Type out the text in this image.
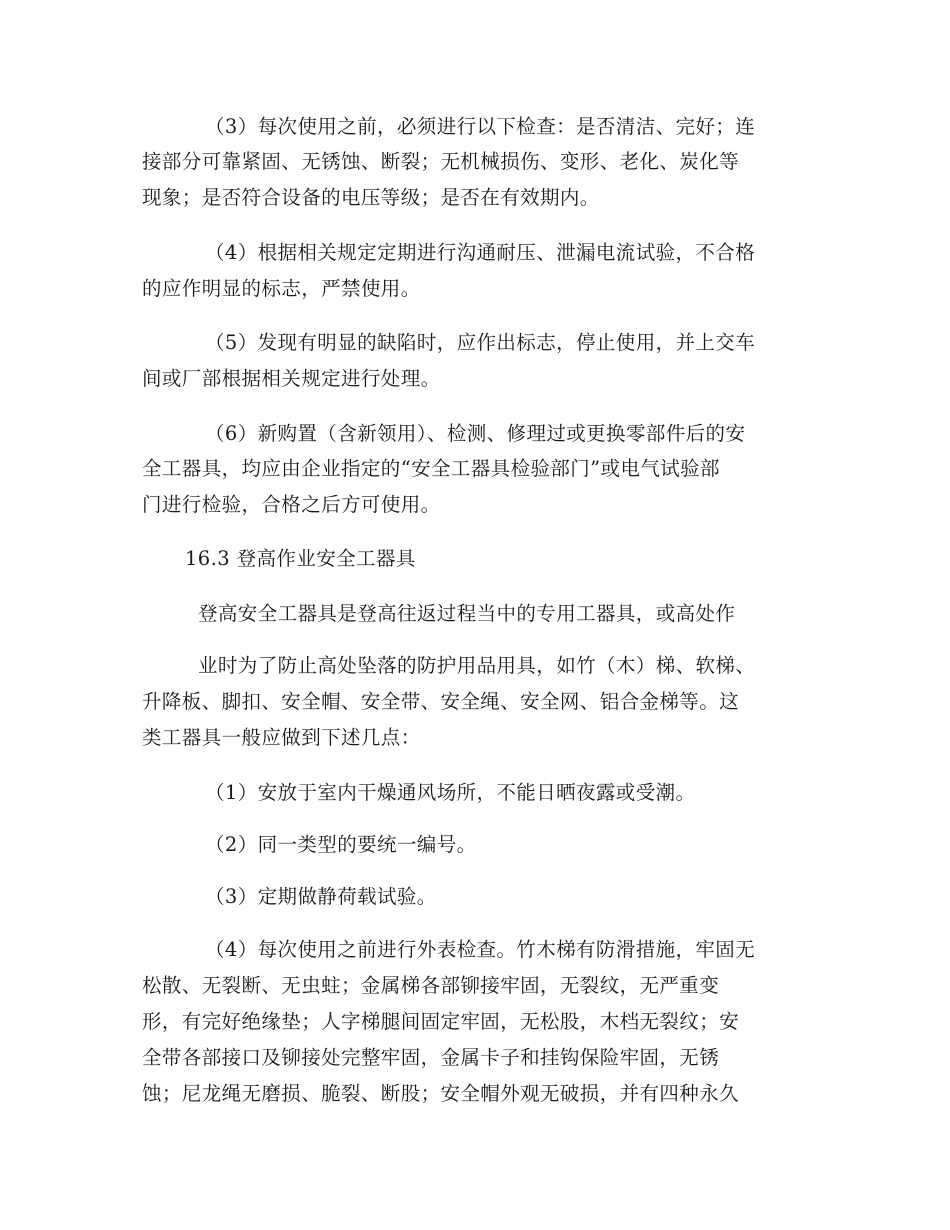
（3）每次使用之前，必须进行以下检查：是否清洁、完好；连
接部分可靠紧固、无锈蚀、断裂；无机械损伤、变形、老化、炭化等
现象；是否符合设备的电压等级；是否在有效期内。
（4）根据相关规定定期进行沟通耐压、泄漏电流试验，不合格
的应作明显的标志，严禁使用。
（5）发现有明显的缺陷时，应作出标志，停止使用，并上交车
间或厂部根据相关规定进行处理。
（6）新购置（含新领用）、检测、修理过或更换零部件后的安
全工器具，均应由企业指定的“安全工器具检验部门”或电气试验部
门进行检验，合格之后方可使用。
16.3 登高作业安全工器具
登高安全工器具是登高往返过程当中的专用工器具，或高处作
业时为了防止高处坠落的防护用品用具，如竹（木）梯、软梯、
升降板、脚扣、安全帽、安全带、安全绳、安全网、铝合金梯等。这
类工器具一般应做到下述几点：
（1）安放于室内干燥通风场所，不能日晒夜露或受潮。
（2）同一类型的要统一编号。
（3）定期做静荷载试验。
（4）每次使用之前进行外表检查。竹木梯有防滑措施，牢固无
松散、无裂断、无虫蛀；金属梯各部铆接牢固，无裂纹，无严重变
形，有完好绝缘垫；人字梯腿间固定牢固，无松股，木档无裂纹；安
全带各部接口及铆接处完整牢固，金属卡子和挂钩保险牢固，无锈
蚀；尼龙绳无磨损、脆裂、断股；安全帽外观无破损，并有四种永久
